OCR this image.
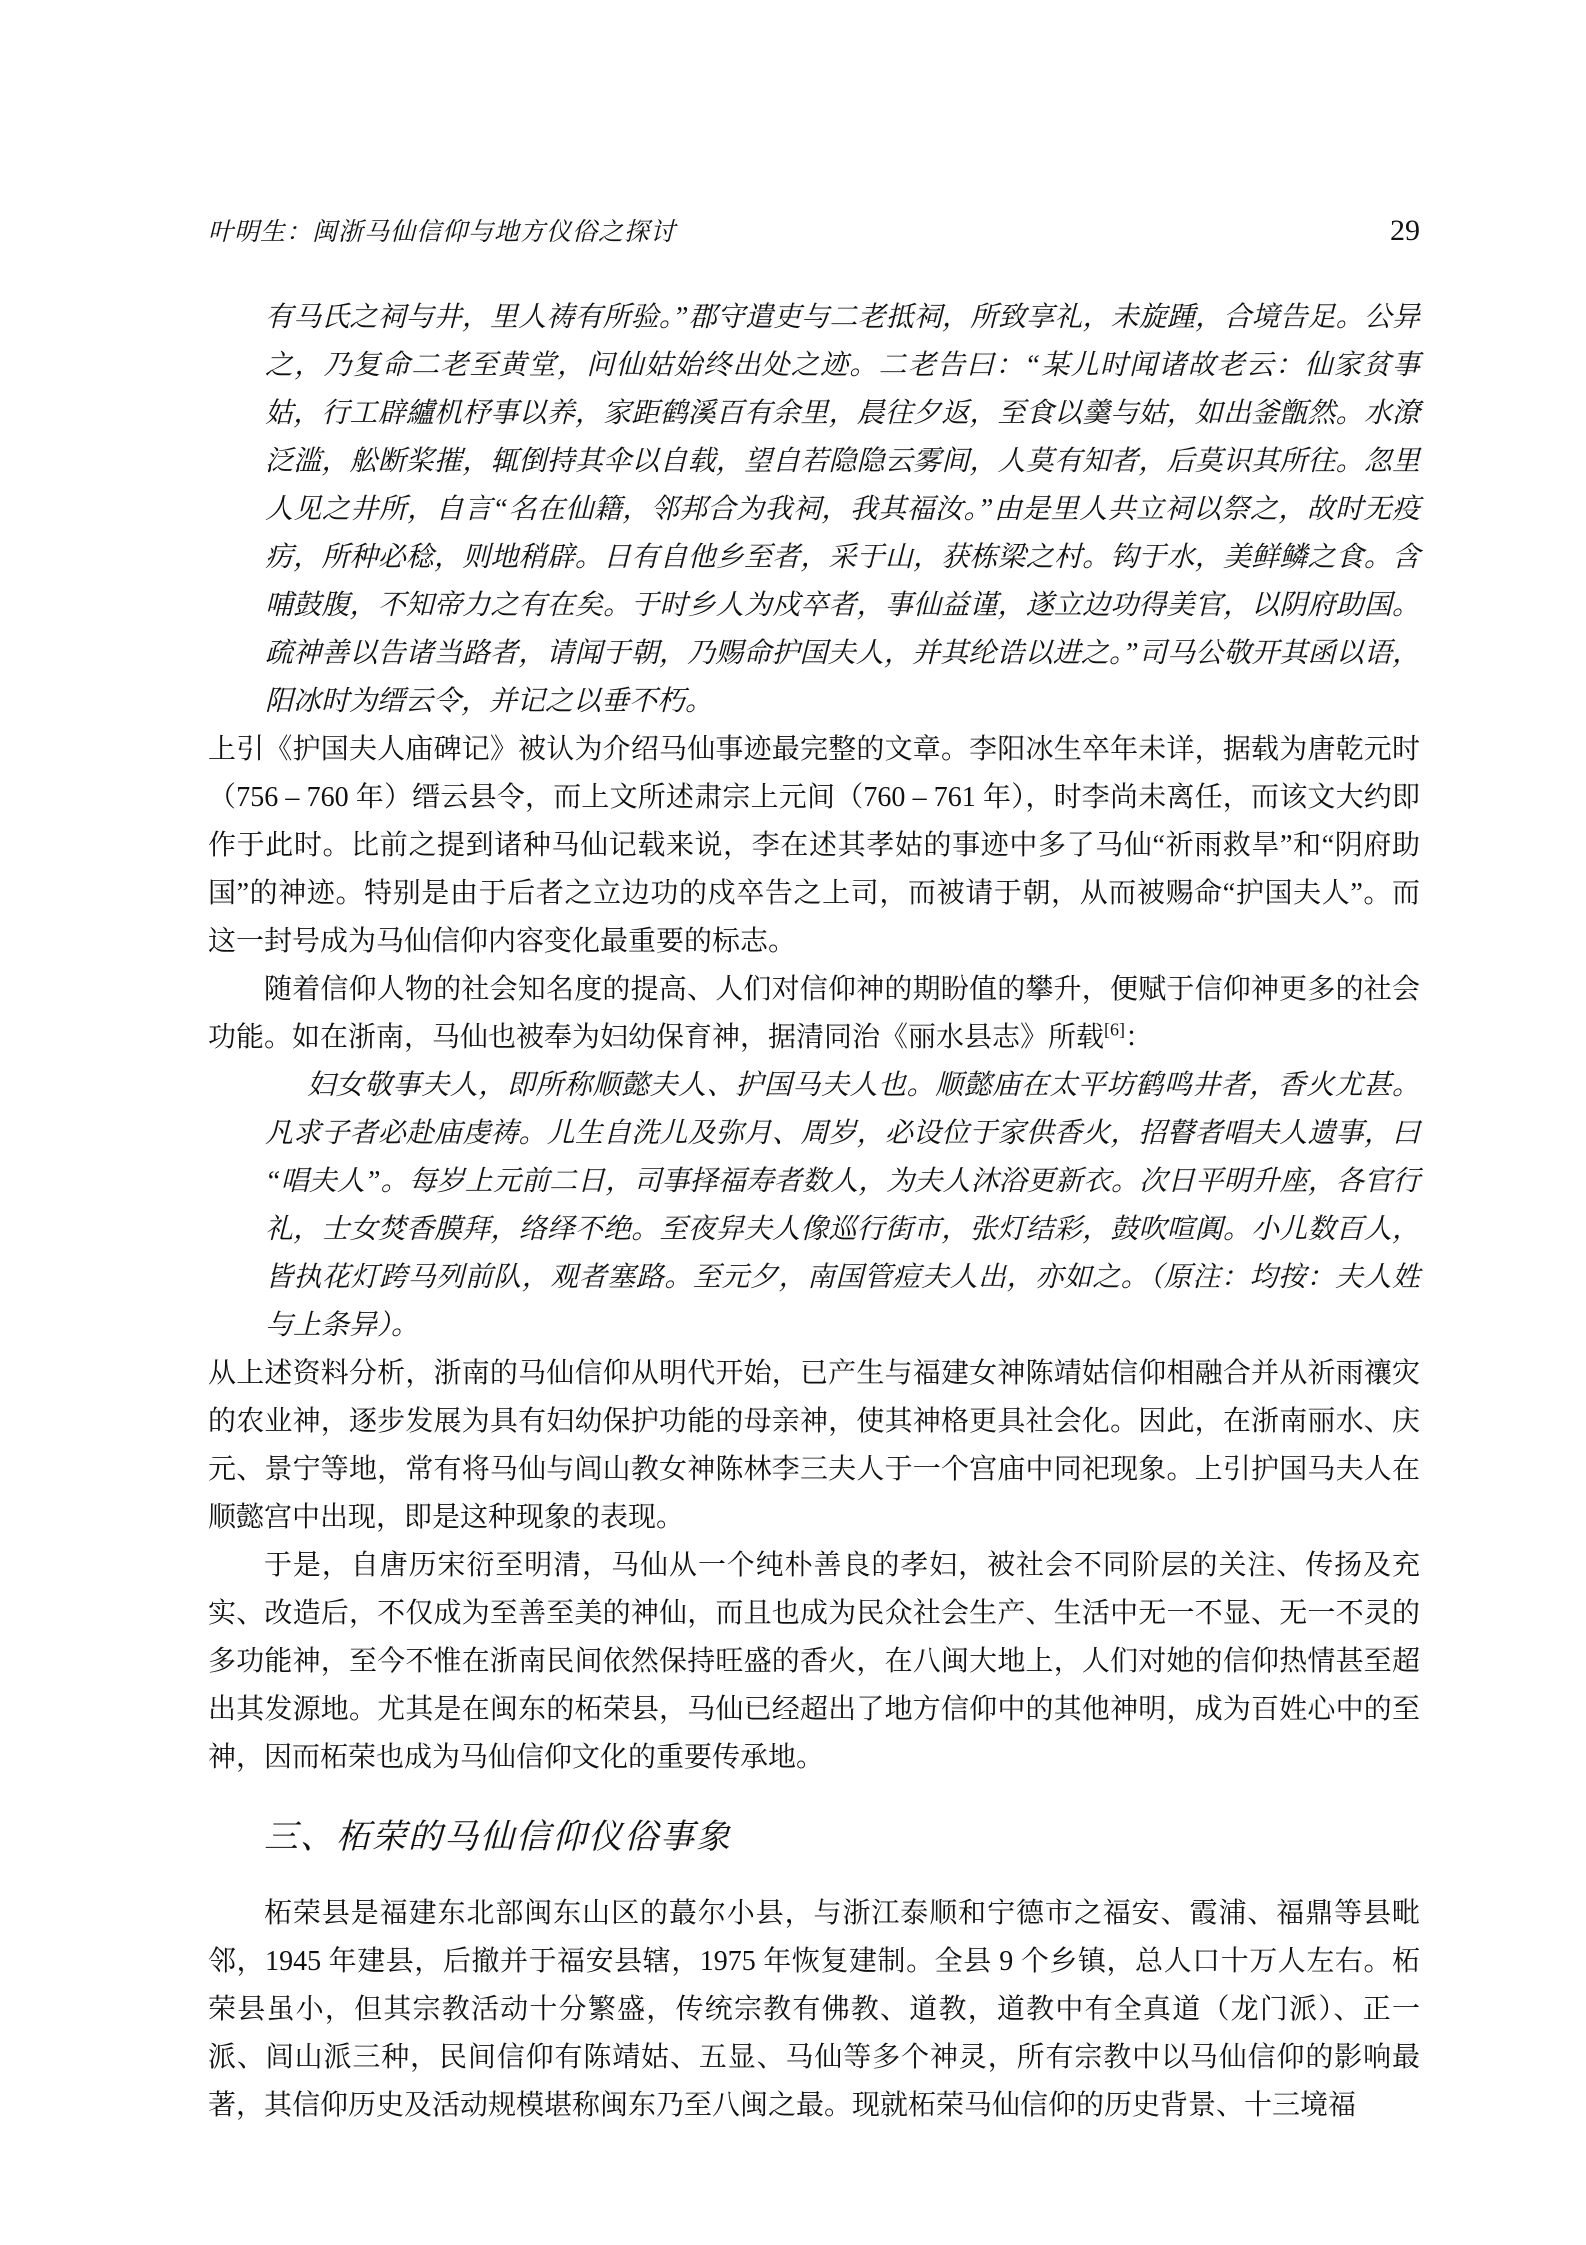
叶明生：闽浙马仙信仰与地方仪俗之探讨	29

有马氏之祠与井，里人祷有所验。”郡守遣吏与二老抵祠，所致享礼，未旋踵，合境告足。公异之，乃复命二老至黄堂，问仙姑始终出处之迹。二老告曰：“某儿时闻诸故老云：仙家贫事姑，行工辟纑机杼事以养，家距鹤溪百有余里，晨往夕返，至食以羹与姑，如出釜甑然。水潦泛滥，舩断桨摧，辄倒持其伞以自载，望自若隐隐云雾间，人莫有知者，后莫识其所往。忽里人见之井所，自言“名在仙籍，邻邦合为我祠，我其福汝。”由是里人共立祠以祭之，故时无疫疠，所种必稔，则地稍辟。日有自他乡至者，采于山，获栋梁之村。钩于水，美鲜鳞之食。含哺鼓腹，不知帝力之有在矣。于时乡人为戍卒者，事仙益谨，遂立边功得美官，以阴府助国。疏神善以告诸当路者，请闻于朝，乃赐命护国夫人，并其纶诰以进之。”司马公敬开其函以语，阳冰时为缙云令，并记之以垂不朽。

上引《护国夫人庙碑记》被认为介绍马仙事迹最完整的文章。李阳冰生卒年未详，据载为唐乾元时（756 – 760 年）缙云县令，而上文所述肃宗上元间（760 – 761 年），时李尚未离任，而该文大约即作于此时。比前之提到诸种马仙记载来说，李在述其孝姑的事迹中多了马仙“祈雨救旱”和“阴府助国”的神迹。特别是由于后者之立边功的戍卒告之上司，而被请于朝，从而被赐命“护国夫人”。而这一封号成为马仙信仰内容变化最重要的标志。

随着信仰人物的社会知名度的提高、人们对信仰神的期盼值的攀升，便赋于信仰神更多的社会功能。如在浙南，马仙也被奉为妇幼保育神，据清同治《丽水县志》所载[6]：

妇女敬事夫人，即所称顺懿夫人、护国马夫人也。顺懿庙在太平坊鹤鸣井者，香火尤甚。凡求子者必赴庙虔祷。儿生自洗儿及弥月、周岁，必设位于家供香火，招瞽者唱夫人遗事，曰“唱夫人”。每岁上元前二日，司事择福寿者数人，为夫人沐浴更新衣。次日平明升座，各官行礼，士女焚香膜拜，络绎不绝。至夜舁夫人像巡行街市，张灯结彩，鼓吹喧阗。小儿数百人，皆执花灯跨马列前队，观者塞路。至元夕，南国管痘夫人出，亦如之。（原注：均按：夫人姓与上条异）。

从上述资料分析，浙南的马仙信仰从明代开始，已产生与福建女神陈靖姑信仰相融合并从祈雨禳灾的农业神，逐步发展为具有妇幼保护功能的母亲神，使其神格更具社会化。因此，在浙南丽水、庆元、景宁等地，常有将马仙与闾山教女神陈林李三夫人于一个宫庙中同祀现象。上引护国马夫人在顺懿宫中出现，即是这种现象的表现。

于是，自唐历宋衍至明清，马仙从一个纯朴善良的孝妇，被社会不同阶层的关注、传扬及充实、改造后，不仅成为至善至美的神仙，而且也成为民众社会生产、生活中无一不显、无一不灵的多功能神，至今不惟在浙南民间依然保持旺盛的香火，在八闽大地上，人们对她的信仰热情甚至超出其发源地。尤其是在闽东的柘荣县，马仙已经超出了地方信仰中的其他神明，成为百姓心中的至神，因而柘荣也成为马仙信仰文化的重要传承地。

三、柘荣的马仙信仰仪俗事象

柘荣县是福建东北部闽东山区的蕞尔小县，与浙江泰顺和宁德市之福安、霞浦、福鼎等县毗邻，1945 年建县，后撤并于福安县辖，1975 年恢复建制。全县 9 个乡镇，总人口十万人左右。柘荣县虽小，但其宗教活动十分繁盛，传统宗教有佛教、道教，道教中有全真道（龙门派）、正一派、闾山派三种，民间信仰有陈靖姑、五显、马仙等多个神灵，所有宗教中以马仙信仰的影响最著，其信仰历史及活动规模堪称闽东乃至八闽之最。现就柘荣马仙信仰的历史背景、十三境福
